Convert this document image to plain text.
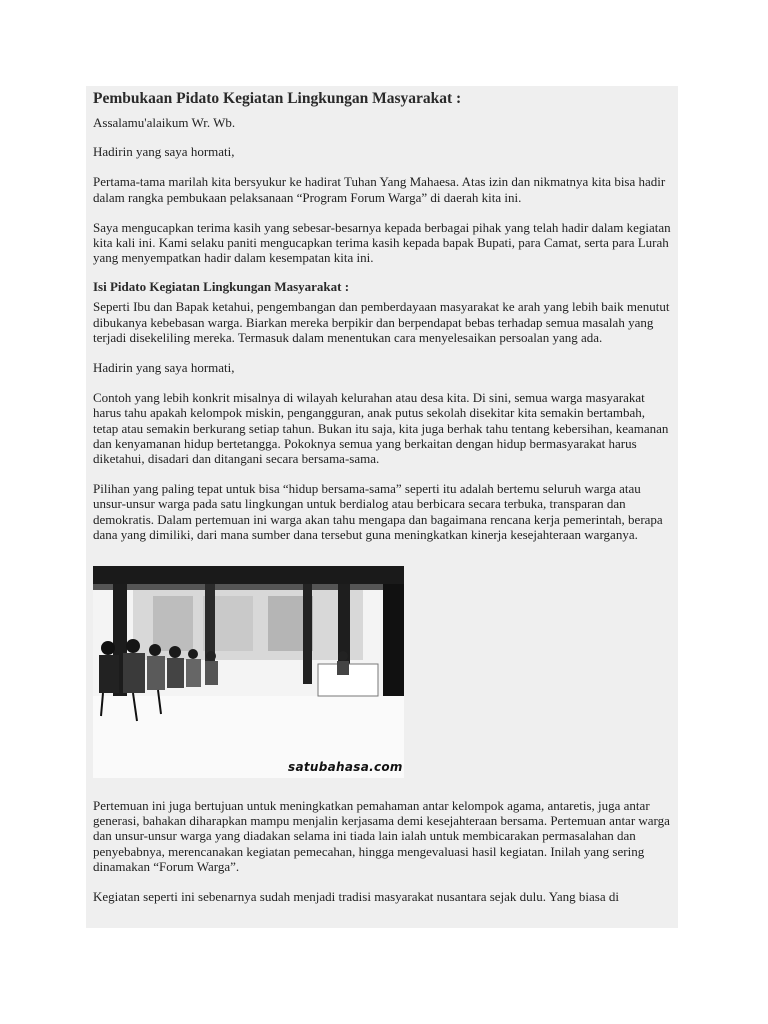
Pembukaan Pidato Kegiatan Lingkungan Masyarakat :

Assalamu'alaikum Wr. Wb.

Hadirin yang saya hormati,

Pertama-tama marilah kita bersyukur ke hadirat Tuhan Yang Mahaesa. Atas izin dan nikmatnya kita bisa hadir dalam rangka pembukaan pelaksanaan “Program Forum Warga” di daerah kita ini.

Saya mengucapkan terima kasih yang sebesar-besarnya kepada berbagai pihak yang telah hadir dalam kegiatan kita kali ini. Kami selaku paniti mengucapkan terima kasih kepada bapak Bupati, para Camat, serta para Lurah yang menyempatkan hadir dalam kesempatan kita ini.

Isi Pidato Kegiatan Lingkungan Masyarakat :

Seperti Ibu dan Bapak ketahui, pengembangan dan pemberdayaan masyarakat ke arah yang lebih baik menutut dibukanya kebebasan warga. Biarkan mereka berpikir dan berpendapat bebas terhadap semua masalah yang terjadi disekeliling mereka. Termasuk dalam menentukan cara menyelesaikan persoalan yang ada.

Hadirin yang saya hormati,

Contoh yang lebih konkrit misalnya di wilayah kelurahan atau desa kita. Di sini, semua warga masyarakat harus tahu apakah kelompok miskin, pengangguran, anak putus sekolah disekitar kita semakin bertambah, tetap atau semakin berkurang setiap tahun. Bukan itu saja, kita juga berhak tahu tentang kebersihan, keamanan dan kenyamanan hidup bertetangga. Pokoknya semua yang berkaitan dengan hidup bermasyarakat harus diketahui, disadari dan ditangani secara bersama-sama.

Pilihan yang paling tepat untuk bisa “hidup bersama-sama” seperti itu adalah bertemu seluruh warga atau unsur-unsur warga pada satu lingkungan untuk berdialog atau berbicara secara terbuka, transparan dan demokratis. Dalam pertemuan ini warga akan tahu mengapa dan bagaimana rencana kerja pemerintah, berapa dana yang dimiliki, dari mana sumber dana tersebut guna meningkatkan kinerja kesejahteraan warganya.

satubahasa.com

Pertemuan ini juga bertujuan untuk meningkatkan pemahaman antar kelompok agama, antaretis, juga antar generasi, bahakan diharapkan mampu menjalin kerjasama demi kesejahteraan bersama. Pertemuan antar warga dan unsur-unsur warga yang diadakan selama ini tiada lain ialah untuk membicarakan permasalahan dan penyebabnya, merencanakan kegiatan pemecahan, hingga mengevaluasi hasil kegiatan. Inilah yang sering dinamakan “Forum Warga”.

Kegiatan seperti ini sebenarnya sudah menjadi tradisi masyarakat nusantara sejak dulu. Yang biasa di
